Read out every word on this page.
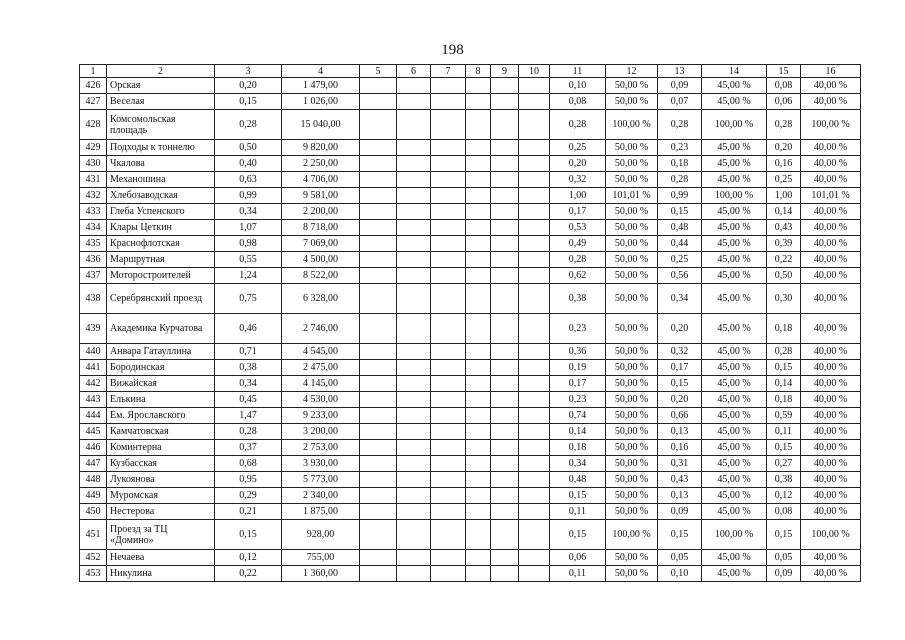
198
1	2	3	4	5	6	7	8	9	10	11	12	13	14	15	16
426	Орская	0,20	1 479,00							0,10	50,00 %	0,09	45,00 %	0,08	40,00 %
427	Веселая	0,15	1 026,00							0,08	50,00 %	0,07	45,00 %	0,06	40,00 %
428	Комсомольская площадь	0,28	15 040,00							0,28	100,00 %	0,28	100,00 %	0,28	100,00 %
429	Подходы к тоннелю	0,50	9 820,00							0,25	50,00 %	0,23	45,00 %	0,20	40,00 %
430	Чкалова	0,40	2 250,00							0,20	50,00 %	0,18	45,00 %	0,16	40,00 %
431	Механошина	0,63	4 706,00							0,32	50,00 %	0,28	45,00 %	0,25	40,00 %
432	Хлебозаводская	0,99	9 581,00							1,00	101,01 %	0,99	100,00 %	1,00	101,01 %
433	Глеба Успенского	0,34	2 200,00							0,17	50,00 %	0,15	45,00 %	0,14	40,00 %
434	Клары Цеткин	1,07	8 718,00							0,53	50,00 %	0,48	45,00 %	0,43	40,00 %
435	Краснофлотская	0,98	7 069,00							0,49	50,00 %	0,44	45,00 %	0,39	40,00 %
436	Маршрутная	0,55	4 500,00							0,28	50,00 %	0,25	45,00 %	0,22	40,00 %
437	Моторостроителей	1,24	8 522,00							0,62	50,00 %	0,56	45,00 %	0,50	40,00 %
438	Серебрянский проезд	0,75	6 328,00							0,38	50,00 %	0,34	45,00 %	0,30	40,00 %
439	Академика Курчатова	0,46	2 746,00							0,23	50,00 %	0,20	45,00 %	0,18	40,00 %
440	Анвара Гатауллина	0,71	4 545,00							0,36	50,00 %	0,32	45,00 %	0,28	40,00 %
441	Бородинская	0,38	2 475,00							0,19	50,00 %	0,17	45,00 %	0,15	40,00 %
442	Вижайская	0,34	4 145,00							0,17	50,00 %	0,15	45,00 %	0,14	40,00 %
443	Елькина	0,45	4 530,00							0,23	50,00 %	0,20	45,00 %	0,18	40,00 %
444	Ем. Ярославского	1,47	9 233,00							0,74	50,00 %	0,66	45,00 %	0,59	40,00 %
445	Камчатовская	0,28	3 200,00							0,14	50,00 %	0,13	45,00 %	0,11	40,00 %
446	Коминтерна	0,37	2 753,00							0,18	50,00 %	0,16	45,00 %	0,15	40,00 %
447	Кузбасская	0,68	3 930,00							0,34	50,00 %	0,31	45,00 %	0,27	40,00 %
448	Лукоянова	0,95	5 773,00							0,48	50,00 %	0,43	45,00 %	0,38	40,00 %
449	Муромская	0,29	2 340,00							0,15	50,00 %	0,13	45,00 %	0,12	40,00 %
450	Нестерова	0,21	1 875,00							0,11	50,00 %	0,09	45,00 %	0,08	40,00 %
451	Проезд за ТЦ «Домино»	0,15	928,00							0,15	100,00 %	0,15	100,00 %	0,15	100,00 %
452	Нечаева	0,12	755,00							0,06	50,00 %	0,05	45,00 %	0,05	40,00 %
453	Никулина	0,22	1 360,00							0,11	50,00 %	0,10	45,00 %	0,09	40,00 %
